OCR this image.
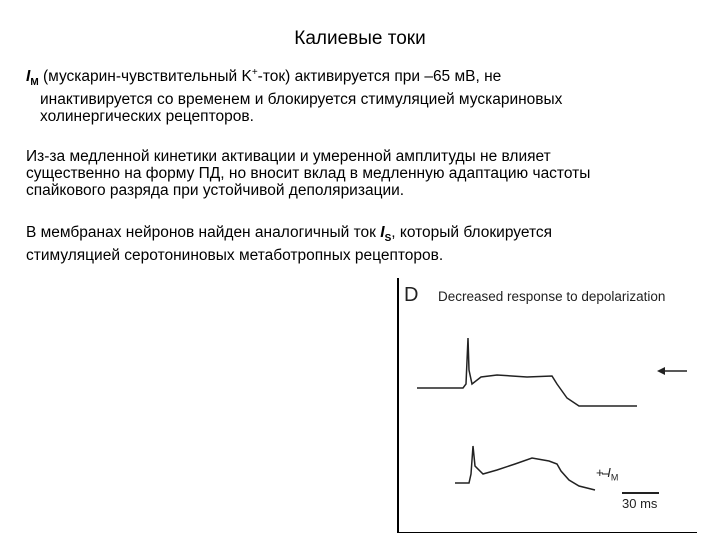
Калиевые токи
$I_M$ (мускарин-чувствительный K+-ток) активируется при –65 мВ, не
инактивируется со временем и блокируется стимуляцией мускариновых
холинергических рецепторов.
Из-за медленной кинетики активации и умеренной амплитуды не влияет
существенно на форму ПД, но вносит вклад в медленную адаптацию частоты
спайкового разряда при устойчивой деполяризации.
В мембранах нейронов найден аналогичный ток $I_S$, который блокируется
стимуляцией серотониновых метаботропных рецепторов.
D Decreased response to depolarization
+ $I_M$
30 ms
